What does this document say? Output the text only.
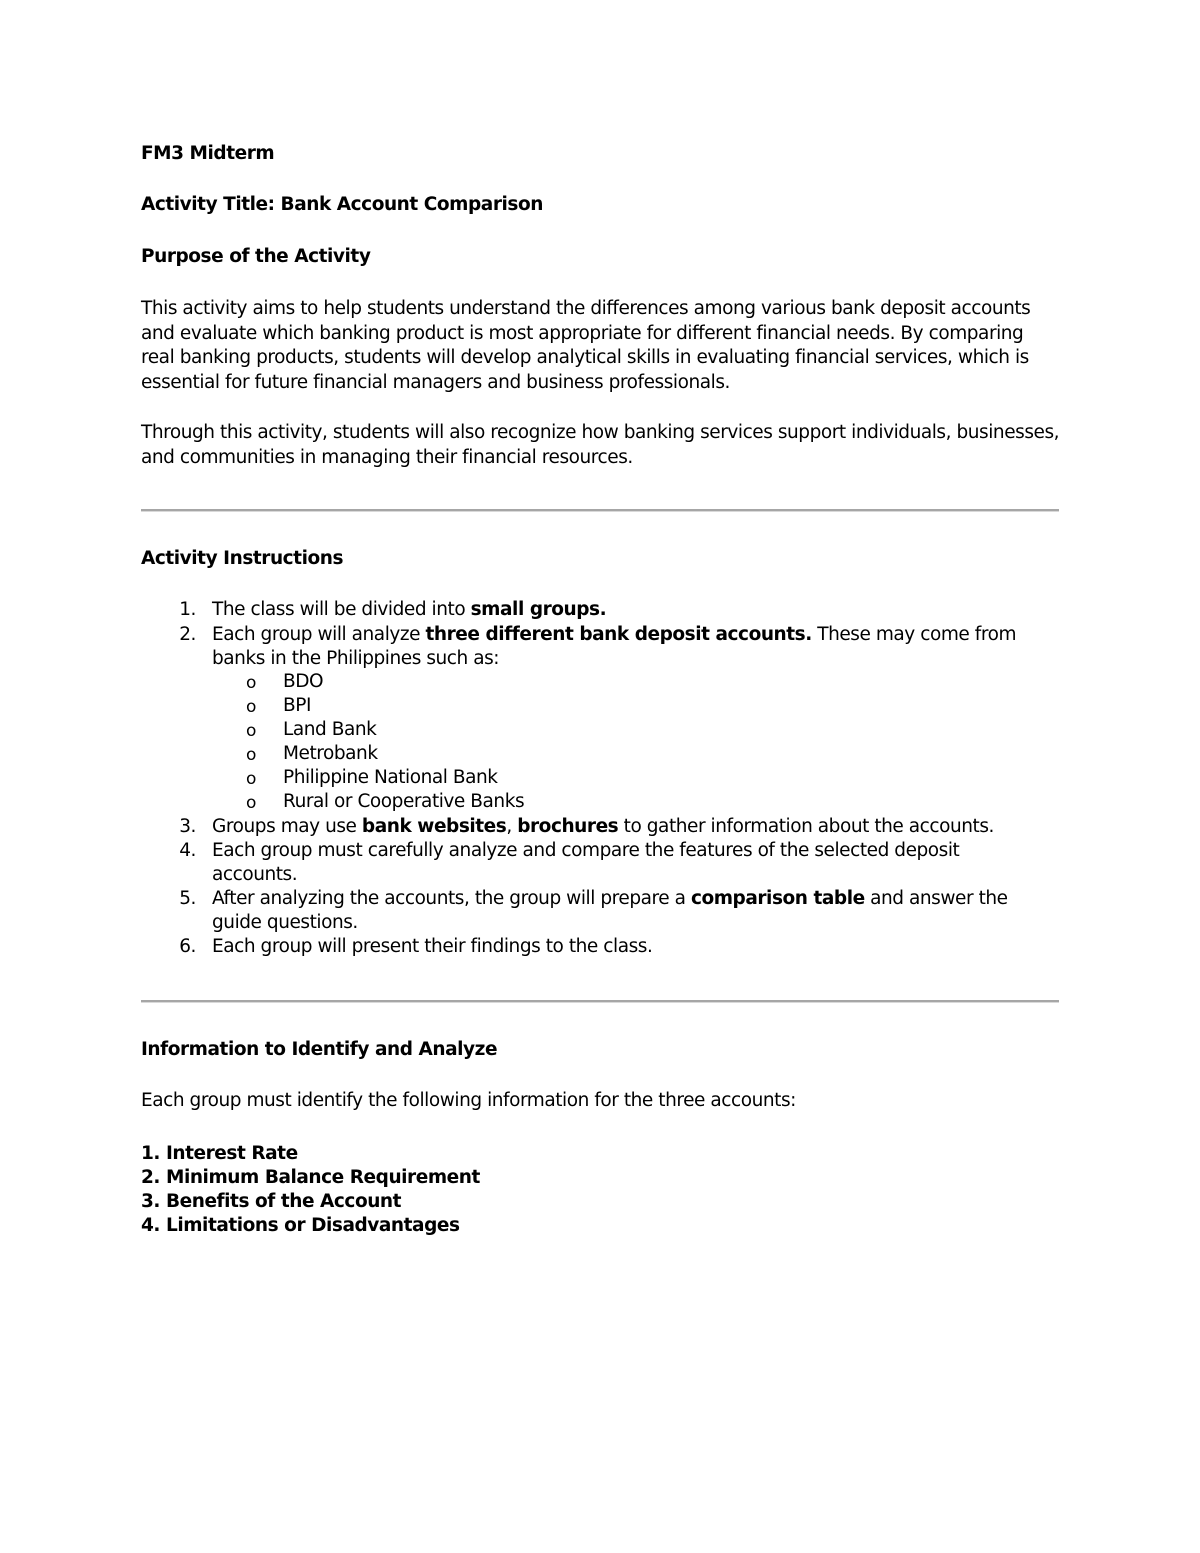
FM3 Midterm
Activity Title: Bank Account Comparison
Purpose of the Activity
This activity aims to help students understand the differences among various bank deposit accounts and evaluate which banking product is most appropriate for different financial needs. By comparing real banking products, students will develop analytical skills in evaluating financial services, which is essential for future financial managers and business professionals.
Through this activity, students will also recognize how banking services support individuals, businesses, and communities in managing their financial resources.
Activity Instructions
1. The class will be divided into small groups.
2. Each group will analyze three different bank deposit accounts. These may come from banks in the Philippines such as:
o BDO
o BPI
o Land Bank
o Metrobank
o Philippine National Bank
o Rural or Cooperative Banks
3. Groups may use bank websites, brochures to gather information about the accounts.
4. Each group must carefully analyze and compare the features of the selected deposit accounts.
5. After analyzing the accounts, the group will prepare a comparison table and answer the guide questions.
6. Each group will present their findings to the class.
Information to Identify and Analyze
Each group must identify the following information for the three accounts:
1. Interest Rate
2. Minimum Balance Requirement
3. Benefits of the Account
4. Limitations or Disadvantages
